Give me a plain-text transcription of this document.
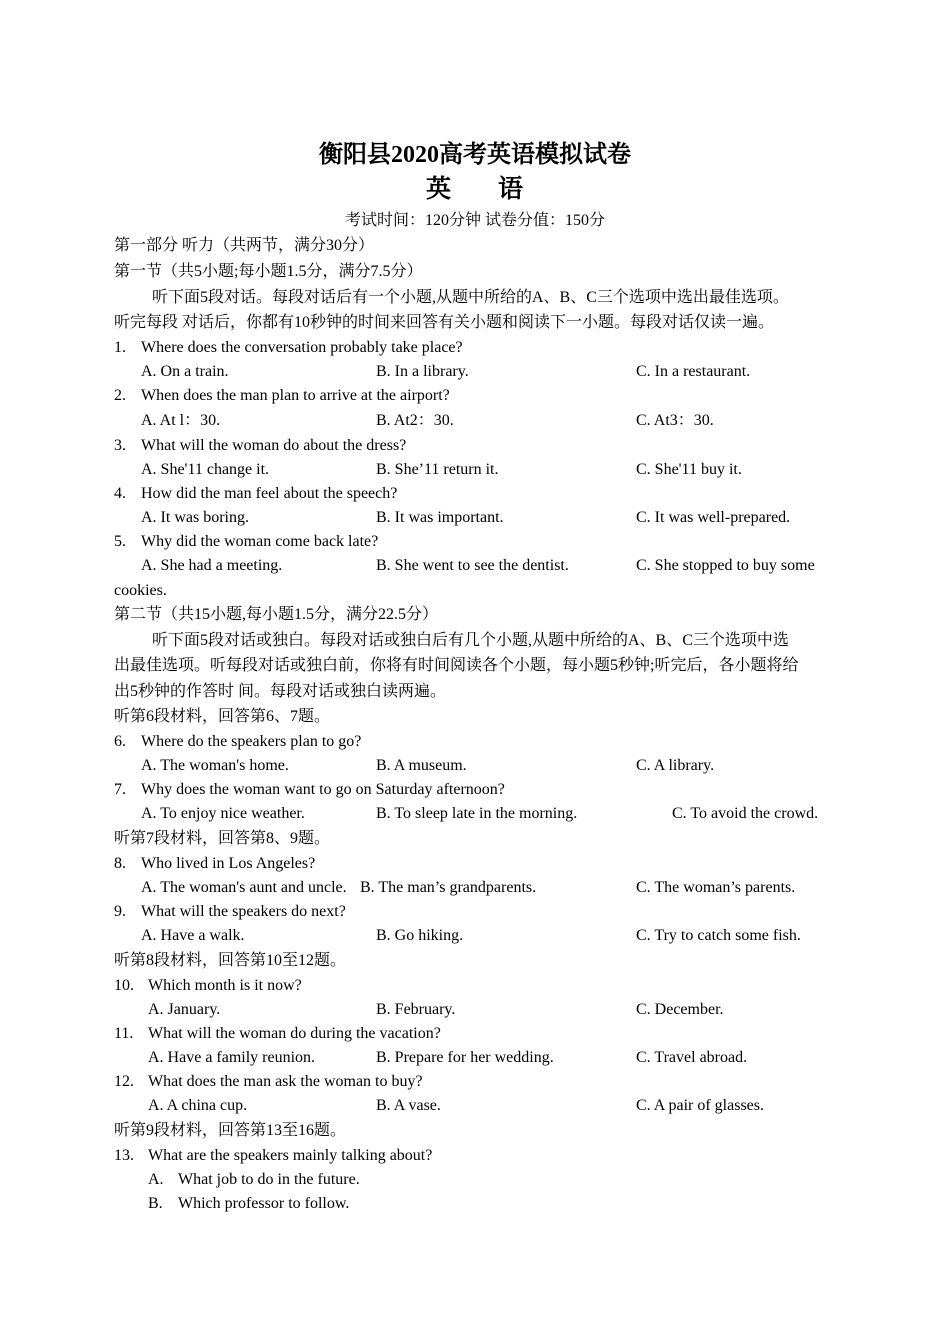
衡阳县2020高考英语模拟试卷
英 语
考试时间：120分钟 试卷分值：150分
第一部分 听力（共两节，满分30分）
第一节（共5小题;每小题1.5分，满分7.5分）
听下面5段对话。每段对话后有一个小题,从题中所给的A、B、C三个选项中选出最佳选项。
听完每段 对话后，你都有10秒钟的时间来回答有关小题和阅读下一小题。每段对话仅读一遍。
1. Where does the conversation probably take place?
A. On a train.	B. In a library.	C. In a restaurant.
2. When does the man plan to arrive at the airport?
A. At l：30.	B. At2：30.	C. At3：30.
3. What will the woman do about the dress?
A. She'11 change it.	B. She’11 return it.	C. She'11 buy it.
4. How did the man feel about the speech?
A. It was boring.	B. It was important.	C. It was well-prepared.
5. Why did the woman come back late?
A. She had a meeting.	B. She went to see the dentist.	C. She stopped to buy some
cookies.
第二节（共15小题,每小题1.5分，满分22.5分）
听下面5段对话或独白。每段对话或独白后有几个小题,从题中所给的A、B、C三个选项中选
出最佳选项。听每段对话或独白前，你将有时间阅读各个小题，每小题5秒钟;听完后，各小题将给
出5秒钟的作答时 间。每段对话或独白读两遍。
听第6段材料，回答第6、7题。
6. Where do the speakers plan to go?
A. The woman's home.	B. A museum.	C. A library.
7. Why does the woman want to go on Saturday afternoon?
A. To enjoy nice weather.	B. To sleep late in the morning.	C. To avoid the crowd.
听第7段材料，回答第8、9题。
8. Who lived in Los Angeles?
A. The woman's aunt and uncle. B. The man’s grandparents.	C. The woman’s parents.
9. What will the speakers do next?
A. Have a walk.	B. Go hiking.	C. Try to catch some fish.
听第8段材料，回答第10至12题。
10. Which month is it now?
A. January.	B. February.	C. December.
11. What will the woman do during the vacation?
A. Have a family reunion.	B. Prepare for her wedding.	C. Travel abroad.
12. What does the man ask the woman to buy?
A. A china cup.	B. A vase.	C. A pair of glasses.
听第9段材料，回答第13至16题。
13. What are the speakers mainly talking about?
A. What job to do in the future.
B. Which professor to follow.
